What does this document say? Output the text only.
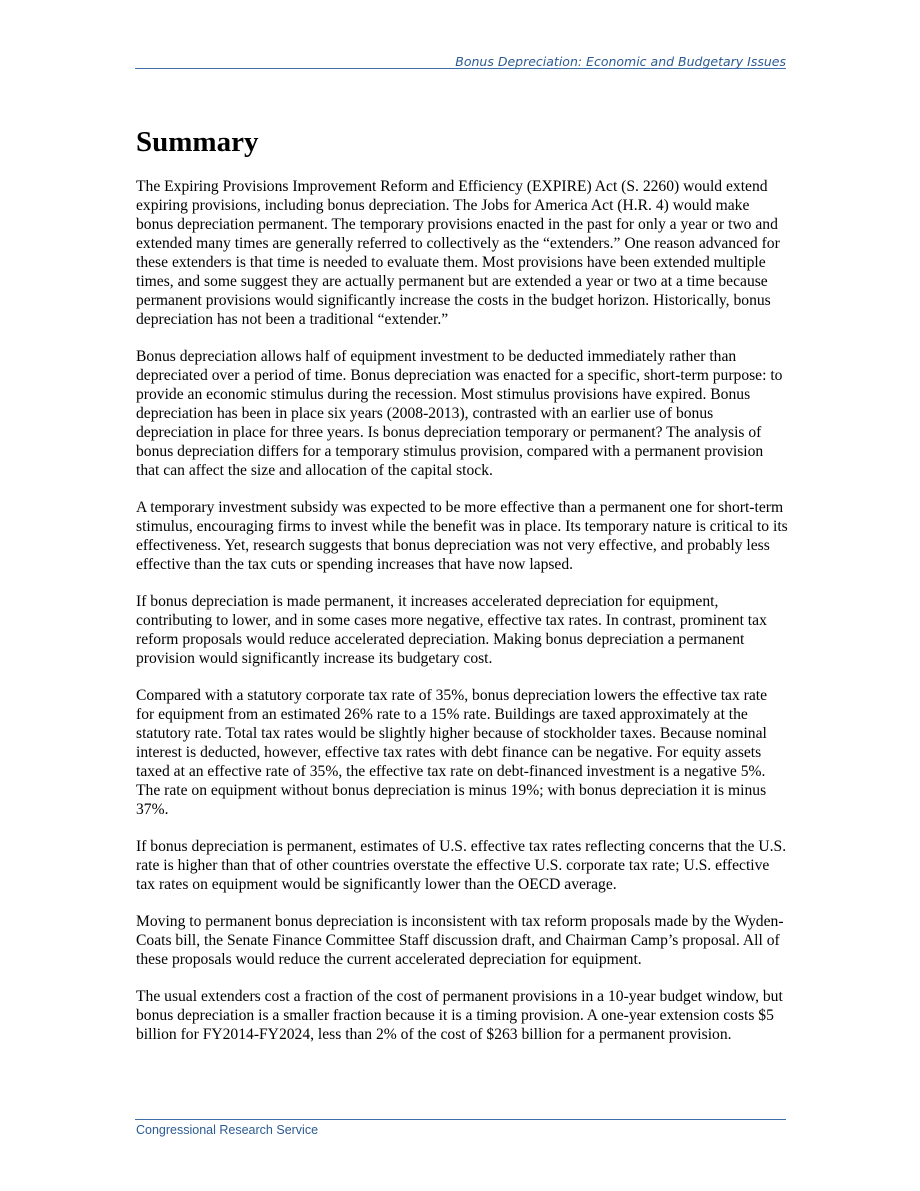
Bonus Depreciation: Economic and Budgetary Issues
Summary

The Expiring Provisions Improvement Reform and Efficiency (EXPIRE) Act (S. 2260) would extend expiring provisions, including bonus depreciation. The Jobs for America Act (H.R. 4) would make bonus depreciation permanent. The temporary provisions enacted in the past for only a year or two and extended many times are generally referred to collectively as the “extenders.” One reason advanced for these extenders is that time is needed to evaluate them. Most provisions have been extended multiple times, and some suggest they are actually permanent but are extended a year or two at a time because permanent provisions would significantly increase the costs in the budget horizon. Historically, bonus depreciation has not been a traditional “extender.”

Bonus depreciation allows half of equipment investment to be deducted immediately rather than depreciated over a period of time. Bonus depreciation was enacted for a specific, short-term purpose: to provide an economic stimulus during the recession. Most stimulus provisions have expired. Bonus depreciation has been in place six years (2008-2013), contrasted with an earlier use of bonus depreciation in place for three years. Is bonus depreciation temporary or permanent? The analysis of bonus depreciation differs for a temporary stimulus provision, compared with a permanent provision that can affect the size and allocation of the capital stock.

A temporary investment subsidy was expected to be more effective than a permanent one for short-term stimulus, encouraging firms to invest while the benefit was in place. Its temporary nature is critical to its effectiveness. Yet, research suggests that bonus depreciation was not very effective, and probably less effective than the tax cuts or spending increases that have now lapsed.

If bonus depreciation is made permanent, it increases accelerated depreciation for equipment, contributing to lower, and in some cases more negative, effective tax rates. In contrast, prominent tax reform proposals would reduce accelerated depreciation. Making bonus depreciation a permanent provision would significantly increase its budgetary cost.

Compared with a statutory corporate tax rate of 35%, bonus depreciation lowers the effective tax rate for equipment from an estimated 26% rate to a 15% rate. Buildings are taxed approximately at the statutory rate. Total tax rates would be slightly higher because of stockholder taxes. Because nominal interest is deducted, however, effective tax rates with debt finance can be negative. For equity assets taxed at an effective rate of 35%, the effective tax rate on debt-financed investment is a negative 5%. The rate on equipment without bonus depreciation is minus 19%; with bonus depreciation it is minus 37%.

If bonus depreciation is permanent, estimates of U.S. effective tax rates reflecting concerns that the U.S. rate is higher than that of other countries overstate the effective U.S. corporate tax rate; U.S. effective tax rates on equipment would be significantly lower than the OECD average.

Moving to permanent bonus depreciation is inconsistent with tax reform proposals made by the Wyden-Coats bill, the Senate Finance Committee Staff discussion draft, and Chairman Camp’s proposal. All of these proposals would reduce the current accelerated depreciation for equipment.

The usual extenders cost a fraction of the cost of permanent provisions in a 10-year budget window, but bonus depreciation is a smaller fraction because it is a timing provision. A one-year extension costs $5 billion for FY2014-FY2024, less than 2% of the cost of $263 billion for a permanent provision.

Congressional Research Service
